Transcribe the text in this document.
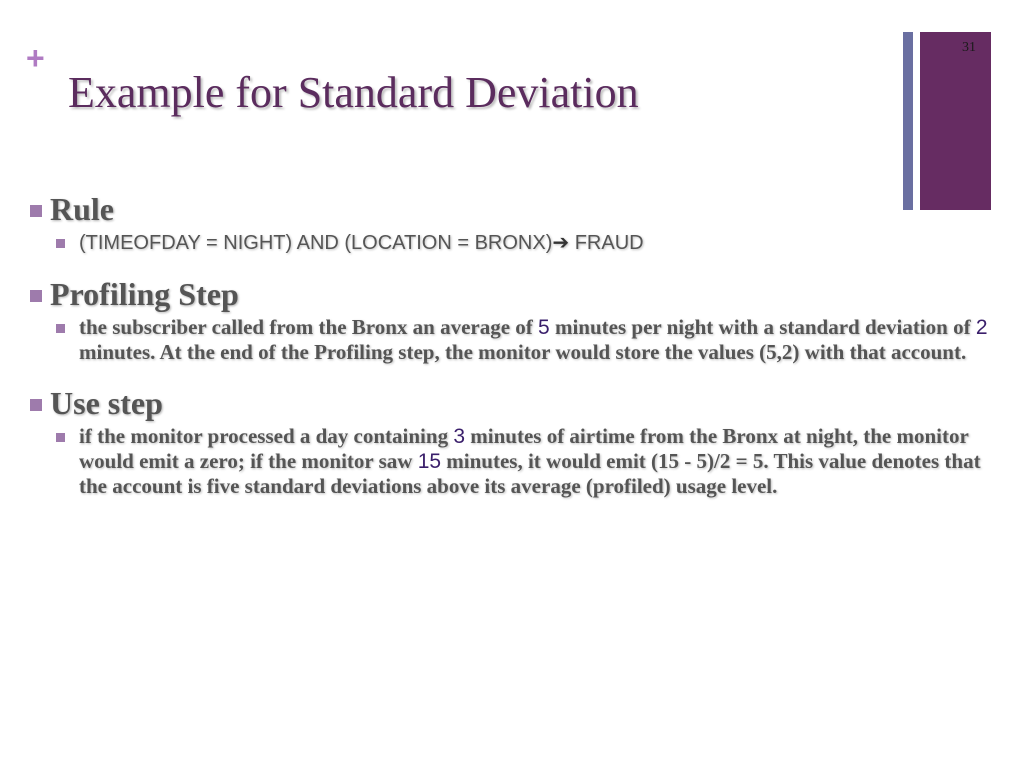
+
Example for Standard Deviation
31
Rule
(TIMEOFDAY = NIGHT) AND (LOCATION = BRONX)➔ FRAUD
Profiling Step
the subscriber called from the Bronx an average of 5 minutes per night with a standard deviation of 2 minutes. At the end of the Profiling step, the monitor would store the values (5,2) with that account.
Use step
if the monitor processed a day containing 3 minutes of airtime from the Bronx at night, the monitor would emit a zero; if the monitor saw 15 minutes, it would emit (15 - 5)/2 = 5. This value denotes that the account is five standard deviations above its average (profiled) usage level.
